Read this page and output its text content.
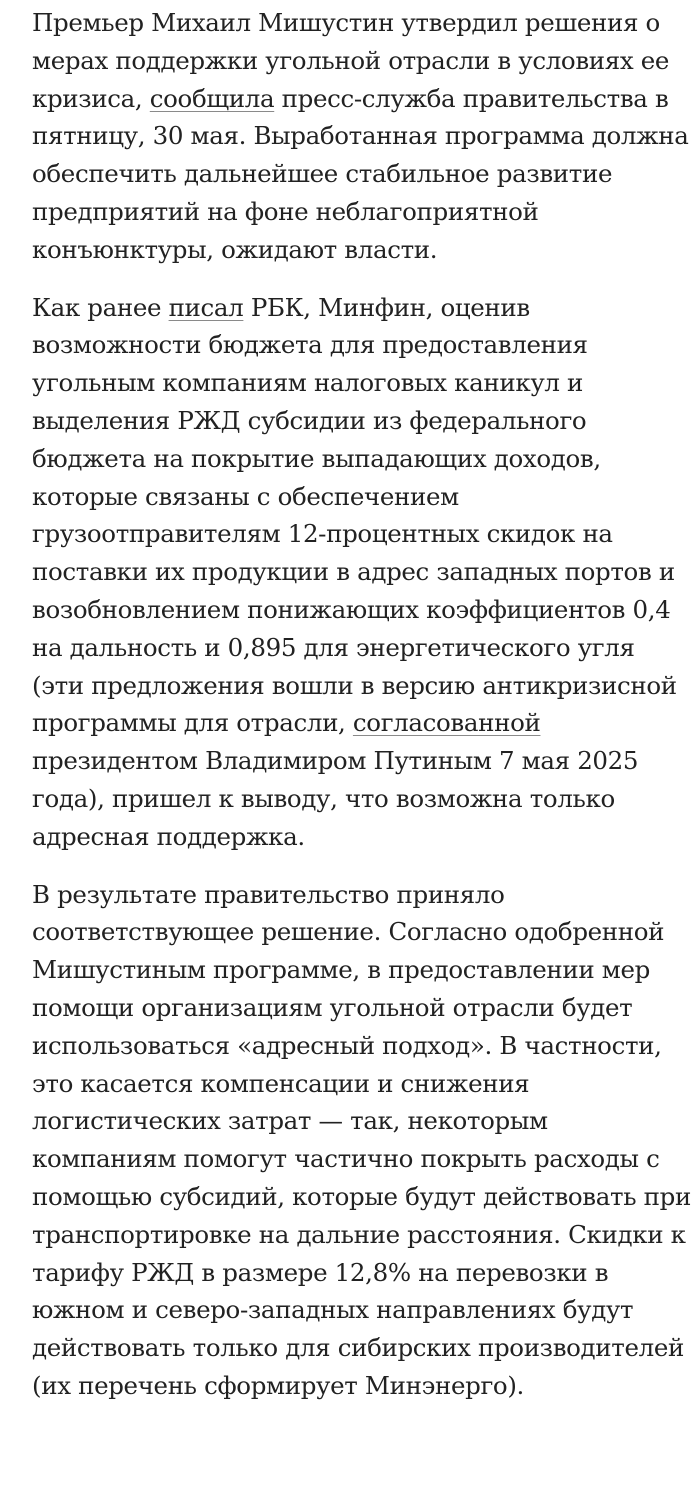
Премьер Михаил Мишустин утвердил решения о мерах поддержки угольной отрасли в условиях ее кризиса, сообщила пресс-служба правительства в пятницу, 30 мая. Выработанная программа должна обеспечить дальнейшее стабильное развитие предприятий на фоне неблагоприятной конъюнктуры, ожидают власти.

Как ранее писал РБК, Минфин, оценив возможности бюджета для предоставления угольным компаниям налоговых каникул и выделения РЖД субсидии из федерального бюджета на покрытие выпадающих доходов, которые связаны с обеспечением грузоотправителям 12-процентных скидок на поставки их продукции в адрес западных портов и возобновлением понижающих коэффициентов 0,4 на дальность и 0,895 для энергетического угля (эти предложения вошли в версию антикризисной программы для отрасли, согласованной президентом Владимиром Путиным 7 мая 2025 года), пришел к выводу, что возможна только адресная поддержка.

В результате правительство приняло соответствующее решение. Согласно одобренной Мишустиным программе, в предоставлении мер помощи организациям угольной отрасли будет использоваться «адресный подход». В частности, это касается компенсации и снижения логистических затрат — так, некоторым компаниям помогут частично покрыть расходы с помощью субсидий, которые будут действовать при транспортировке на дальние расстояния. Скидки к тарифу РЖД в размере 12,8% на перевозки в южном и северо-западных направлениях будут действовать только для сибирских производителей (их перечень сформирует Минэнерго).
